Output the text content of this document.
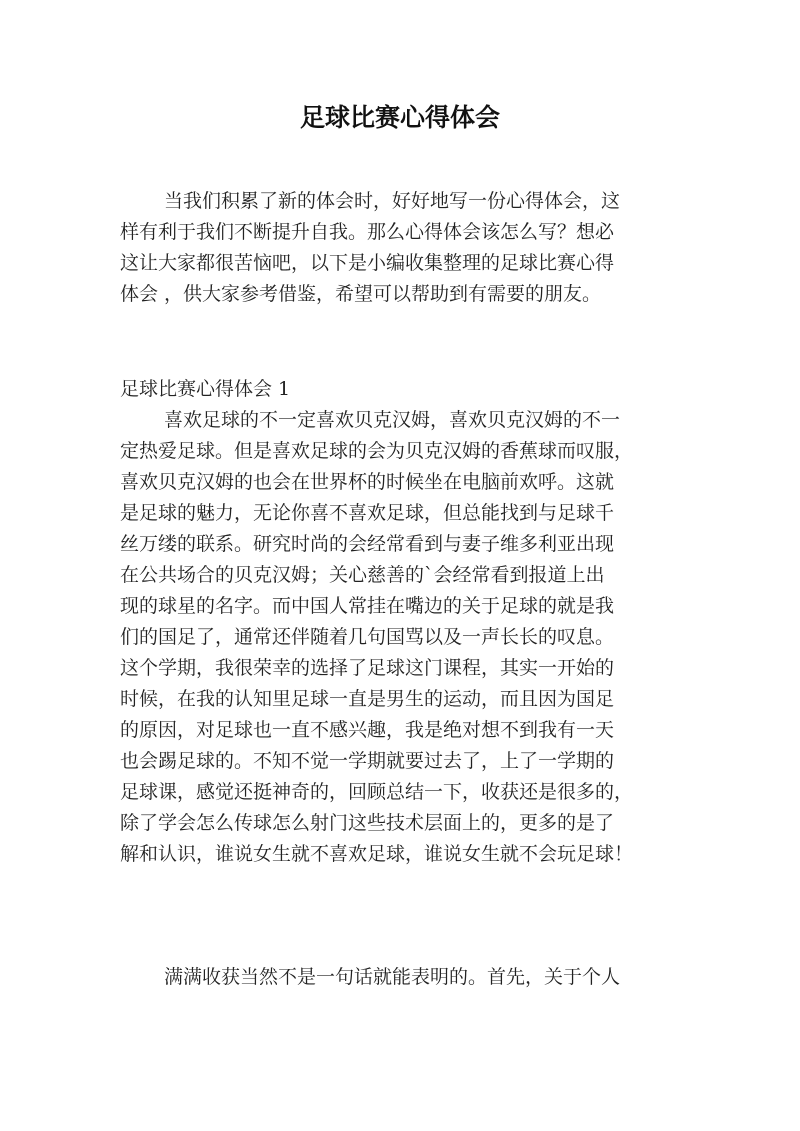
足球比赛心得体会
当我们积累了新的体会时，好好地写一份心得体会，这
样有利于我们不断提升自我。那么心得体会该怎么写？想必
这让大家都很苦恼吧，以下是小编收集整理的足球比赛心得
体会 ，供大家参考借鉴，希望可以帮助到有需要的朋友。
足球比赛心得体会 1
喜欢足球的不一定喜欢贝克汉姆，喜欢贝克汉姆的不一
定热爱足球。但是喜欢足球的会为贝克汉姆的香蕉球而叹服，
喜欢贝克汉姆的也会在世界杯的时候坐在电脑前欢呼。这就
是足球的魅力，无论你喜不喜欢足球，但总能找到与足球千
丝万缕的联系。研究时尚的会经常看到与妻子维多利亚出现
在公共场合的贝克汉姆；关心慈善的`会经常看到报道上出
现的球星的名字。而中国人常挂在嘴边的关于足球的就是我
们的国足了，通常还伴随着几句国骂以及一声长长的叹息。
这个学期，我很荣幸的选择了足球这门课程，其实一开始的
时候，在我的认知里足球一直是男生的运动，而且因为国足
的原因，对足球也一直不感兴趣，我是绝对想不到我有一天
也会踢足球的。不知不觉一学期就要过去了，上了一学期的
足球课，感觉还挺神奇的，回顾总结一下，收获还是很多的，
除了学会怎么传球怎么射门这些技术层面上的，更多的是了
解和认识，谁说女生就不喜欢足球，谁说女生就不会玩足球！
满满收获当然不是一句话就能表明的。首先，关于个人
